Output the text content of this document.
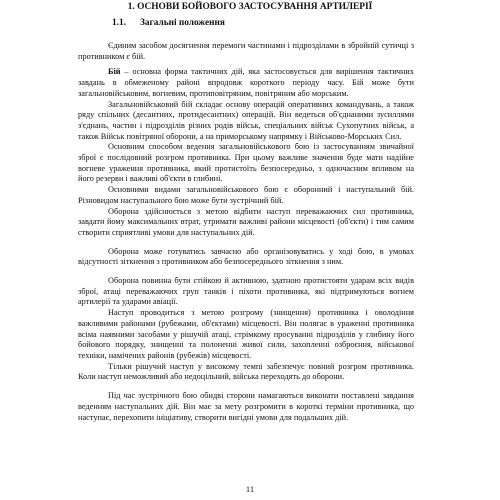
1. ОСНОВИ БОЙОВОГО ЗАСТОСУВАННЯ АРТИЛЕРІЇ
1.1. Загальні положення

Єдиним засобом досягнення перемоги частинами і підрозділами в збройній сутичці з противником є бій.

Бій – основна форма тактичних дій, яка застосовується для вирішення тактичних завдань в обмеженому районі впродовж короткого періоду часу. Бій може бути загальновійськовим, вогневим, протиповітряним, повітряним або морським.

Загальновійськовий бій складає основу операцій оперативних командувань, а також ряду спільних (десантних, протидесантних) операцій. Він ведеться об'єднаними зусиллями з'єднань, частин і підрозділів різних родів військ, спеціальних військ Сухопутних військ, а також Військ повітряної оборони, а на приморському напрямку і Військово-Морських Сил.

Основним способом ведення загальновійськового бою із застосуванням звичайної зброї є послідовний розгром противника. При цьому важливе значення буде мати надійне вогневе ураження противника, який протистоїть безпосередньо, з одночасним впливом на його резерви і важливі об'єкти в глибині.

Основними видами загальновійськового бою є оборонний і наступальний бій. Різновидом наступального бою може бути зустрічний бій.

Оборона здійснюється з метою відбити наступ переважаючих сил противника, завдати йому максимальних втрат, утримати важливі райони місцевості (об'єкти) і тим самим створити сприятливі умови для наступальних дій.

Оборона може готуватись завчасно або організовуватись у ході бою, в умовах відсутності зіткнення з противником або безпосереднього зіткнення з ним.

Оборона повинна бути стійкою й активною, здатною протистояти ударам всіх видів зброї, атаці переважаючих груп танків і піхоти противника, які підтримуються вогнем артилерії та ударами авіації.

Наступ проводиться з метою розгрому (знищення) противника і оволодіння важливими районами (рубежами, об'єктами) місцевості. Він полягає в ураженні противника всіма наявними засобами у рішучій атаці, стрімкому просуванні підрозділів у глибину його бойового порядку, знищенні та полоненні живої сили, захопленні озброєння, військової техніки, намічених районів (рубежів) місцевості.

Тільки рішучий наступ у високому темпі забезпечує повний розгром противника. Коли наступ неможливий або недоцільний, військa переходять до оборони.

Під час зустрічного бою обидві сторони намагаються виконати поставлені завдання веденням наступальних дій. Він має за мету розгромити в короткі терміни противника, що наступає, перехопити ініціативу, створити вигідні умови для подальших дій.

11
